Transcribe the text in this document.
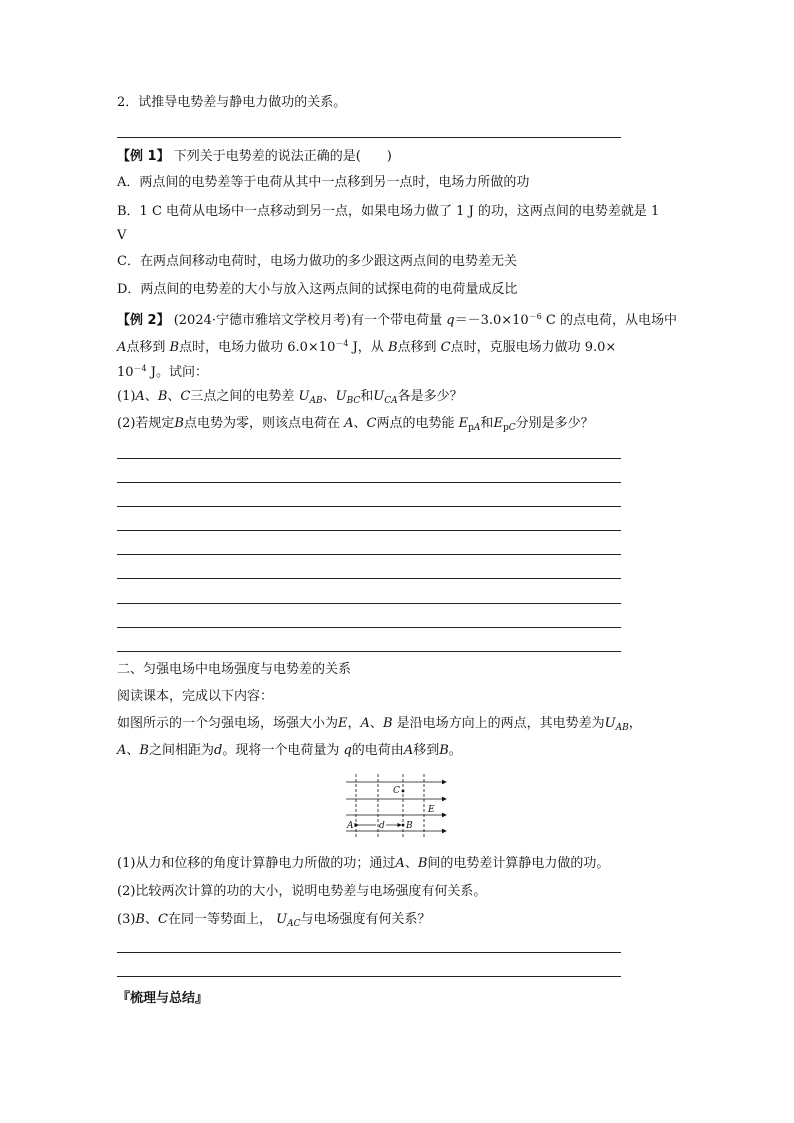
2．试推导电势差与静电力做功的关系。
【例 1】 下列关于电势差的说法正确的是(　　)
A．两点间的电势差等于电荷从其中一点移到另一点时，电场力所做的功
B．1 C 电荷从电场中一点移动到另一点，如果电场力做了 1 J 的功，这两点间的电势差就是 1
V
C．在两点间移动电荷时，电场力做功的多少跟这两点间的电势差无关
D．两点间的电势差的大小与放入这两点间的试探电荷的电荷量成反比
【例 2】 (2024·宁德市雅培文学校月考)有一个带电荷量 $q=-3.0\times 10^{-6}$ C 的点电荷，从电场中
A点移到 B点时，电场力做功 $6.0\times 10^{-4}$ J，从 B点移到 C点时，克服电场力做功 9.0×
$10^{-4}$ J。试问：
(1)A、B、C三点之间的电势差 $U_{AB}$、$U_{BC}$和$U_{CA}$各是多少？
(2)若规定B点电势为零，则该点电荷在 A、C两点的电势能 $E_{pA}$和$E_{pC}$分别是多少？
二、匀强电场中电场强度与电势差的关系
阅读课本，完成以下内容：
如图所示的一个匀强电场，场强大小为E，A、B 是沿电场方向上的两点，其电势差为$U_{AB}$，
A、B之间相距为d。现将一个电荷量为 q的电荷由A移到B。
C
E
A	d B
(1)从力和位移的角度计算静电力所做的功；通过A、B间的电势差计算静电力做的功。
(2)比较两次计算的功的大小，说明电势差与电场强度有何关系。
(3)B、C在同一等势面上， $U_{AC}$与电场强度有何关系？
『梳理与总结』
